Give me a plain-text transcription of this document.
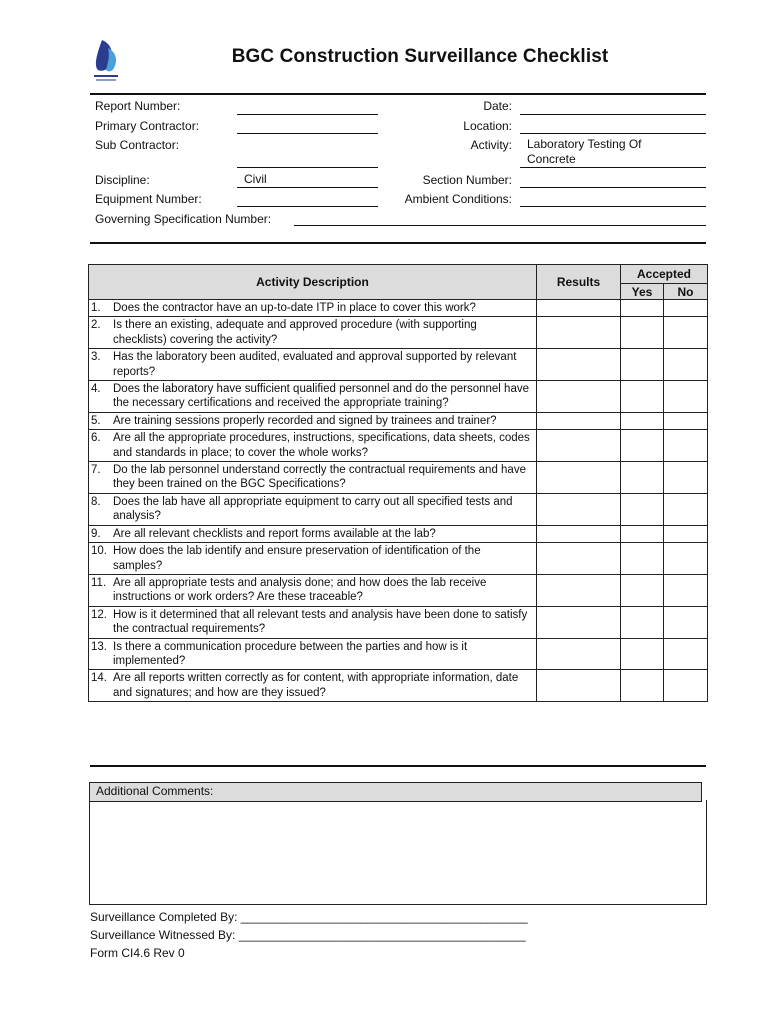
BGC Construction Surveillance Checklist
Report Number:
Primary Contractor:
Sub Contractor:
Discipline:	Civil
Equipment Number:
Governing Specification Number:
Date:
Location:
Activity: Laboratory Testing Of
Concrete
Section Number:
Ambient Conditions:
Activity Description	Results	Accepted	
		Yes	No

1. Does the contractor have an up-to-date ITP in place to cover this work?			

2. Is there an existing, adequate and approved procedure (with supporting checklists) covering the activity?			

3. Has the laboratory been audited, evaluated and approval supported by relevant reports?			

4. Does the laboratory have sufficient qualified personnel and do the personnel have the necessary certifications and received the appropriate training?			

5. Are training sessions properly recorded and signed by trainees and trainer?			

6. Are all the appropriate procedures, instructions, specifications, data sheets, codes and standards in place; to cover the whole works?			

7. Do the lab personnel understand correctly the contractual requirements and have they been trained on the BGC Specifications?			

8. Does the lab have all appropriate equipment to carry out all specified tests and analysis?			

9. Are all relevant checklists and report forms available at the lab?			

10. How does the lab identify and ensure preservation of identification of the samples?			

11. Are all appropriate tests and analysis done; and how does the lab receive instructions or work orders? Are these traceable?			

12. How is it determined that all relevant tests and analysis have been done to satisfy the contractual requirements?			

13. Is there a communication procedure between the parties and how is it implemented?			

14. Are all reports written correctly as for content, with appropriate information, date and signatures; and how are they issued?			

Additional Comments:
Surveillance Completed By: ___________________________________________
Surveillance Witnessed By: ___________________________________________
Form CI4.6 Rev 0
